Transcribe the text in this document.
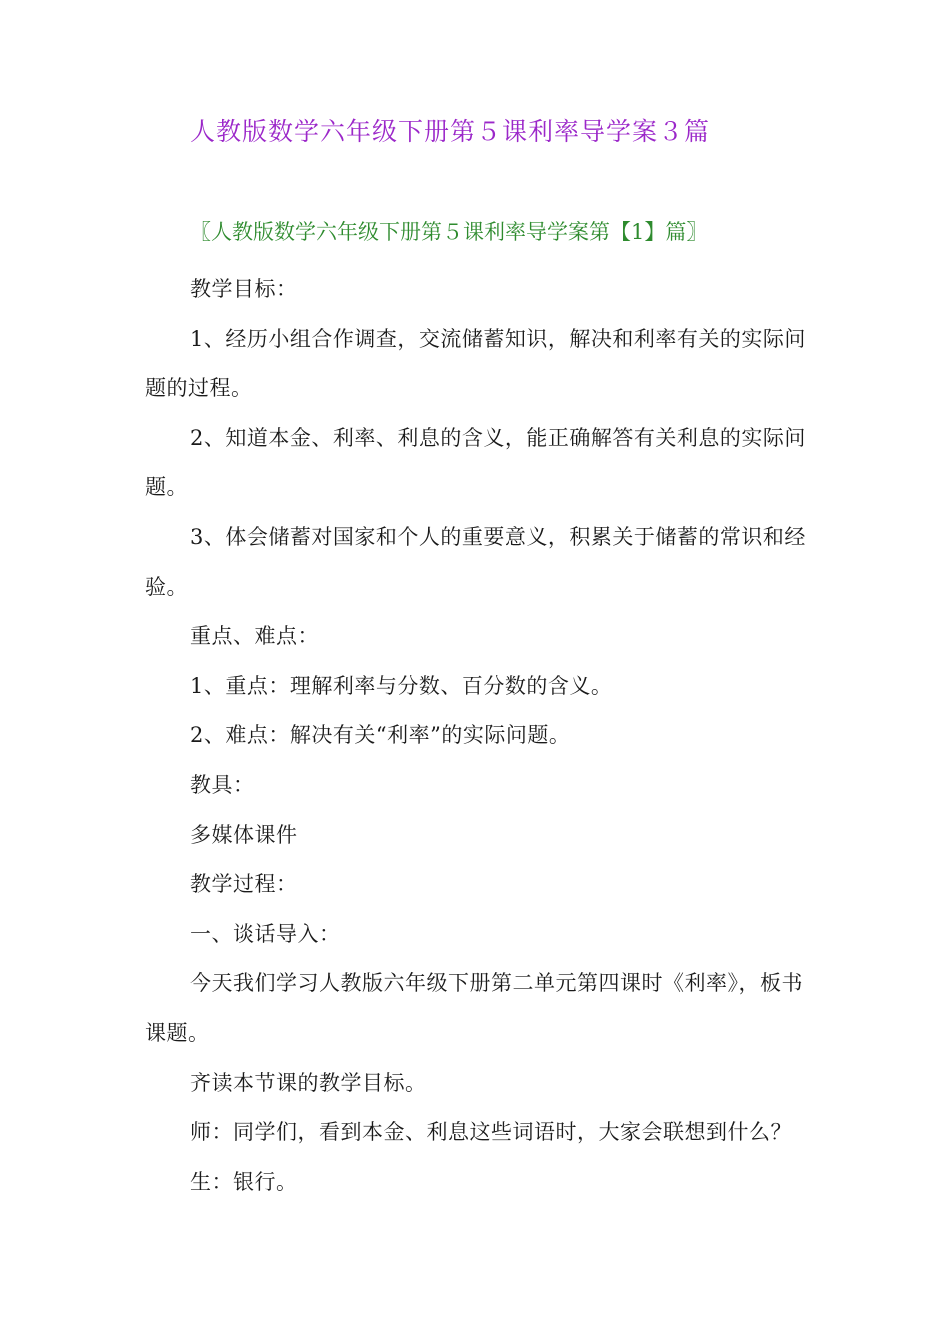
人教版数学六年级下册第５课利率导学案３篇
〖人教版数学六年级下册第５课利率导学案第【1】篇〗

教学目标：

1、经历小组合作调查，交流储蓄知识，解决和利率有关的实际问题的过程。

2、知道本金、利率、利息的含义，能正确解答有关利息的实际问题。

3、体会储蓄对国家和个人的重要意义，积累关于储蓄的常识和经验。

重点、难点：

1、重点：理解利率与分数、百分数的含义。

2、难点：解决有关“利率”的实际问题。

教具：

多媒体课件

教学过程：

一、谈话导入：

今天我们学习人教版六年级下册第二单元第四课时《利率》，板书课题。

齐读本节课的教学目标。

师：同学们，看到本金、利息这些词语时，大家会联想到什么？

生：银行。
